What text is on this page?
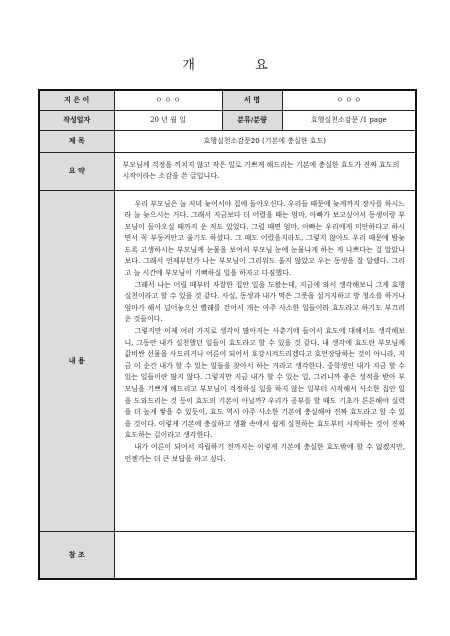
개 요
지 은 이	ㅇ ㅇ ㅇ	서 명	ㅇ ㅇ ㅇ
작성일자	20 년 월 일	분류/분량	효행실천소감문 /1 page
제 목	효행실천소감문20 (기본에 충실한 효도)		
요 약	부모님께 걱정을 끼치지 않고 작은 일로 기쁘게 해드리는 기본에 충실한 효도가 진짜 효도의 시작이라는 소감을 쓴 글입니다.		
내 용	우리 부모님은 늘 저녁 늦어서야 집에 돌아오신다. 우리들 때문에 늦게까지 장사를 하시느라 늘 늦으시는 거다. 그래서 지금보다 더 어렸을 때는 엄마, 아빠가 보고싶어서 동생이랑 부모님이 돌아오실 때까지 운 적도 있었다. 그럴 때면 엄마, 아빠는 우리에게 미안하다고 하시면서 꼭 부둥켜안고 울기도 하셨다. 그 때도 어렸을지라도, 그렇지 않아도 우리 때문에 밤늦도록 고생하시는 부모님께 눈물을 보여서 부모님 눈에 눈물나게 하는 게 나쁘다는 걸 알았나 보다. 그래서 언제부턴가 나는 부모님이 그리워도 울지 않았고 우는 동생을 잘 달랬다. 그리고 늘 시간에 부모님이 기뻐하실 일을 하자고 다짐했다.

그래서 나는 어릴 때부터 자잘한 집안 일을 도왔는데, 지금에 와서 생각해보니 그게 효행실천이라고 할 수 있을 것 같다. 사실, 동생과 내가 먹은 그릇을 설거지하고 방 청소를 하거나 엄마가 해서 널어놓으신 빨래를 걷어서 개는 아주 사소한 일들이라 효도라고 하기도 부끄러운 것들이다.

그렇지만 이제 여러 가지로 생각이 많아지는 사춘기에 들어서 효도에 대해서도 생각해보니, 그동안 내가 실천했던 일들이 효도라고 할 수 있을 것 같다. 내 생각에 효도란 부모님께 값비싼 선물을 사드리거나 어른이 되어서 호강시켜드리겠다고 호언장담하는 것이 아니라, 지금 이 순간 내가 할 수 있는 일들을 찾아서 하는 거라고 생각한다. 중학생인 내가 지금 할 수 있는 일들이란 많지 않다. 그렇지만 지금 내가 할 수 있는 일, 그러니까 좋은 성적을 받아 부모님을 기쁘게 해드리고 부모님이 걱정하실 일을 하지 않는 일부터 시작해서 사소한 집안 일을 도와드리는 것 등이 효도의 기본이 아닐까? 우리가 공부를 할 때도 기초가 튼튼해야 실력을 더 높게 쌓을 수 있듯이, 효도 역시 아주 사소한 기본에 충실해야 진짜 효도라고 할 수 있을 것이다. 이렇게 기본에 충실하고 생활 속에서 쉽게 실천하는 효도부터 시작하는 것이 진짜 효도하는 길이라고 생각한다.

내가 어른이 되어서 자립하기 전까지는 이렇게 기본에 충실한 효도밖에 할 수 없겠지만, 언젠가는 더 큰 보답을 하고 싶다.		

참 조			
